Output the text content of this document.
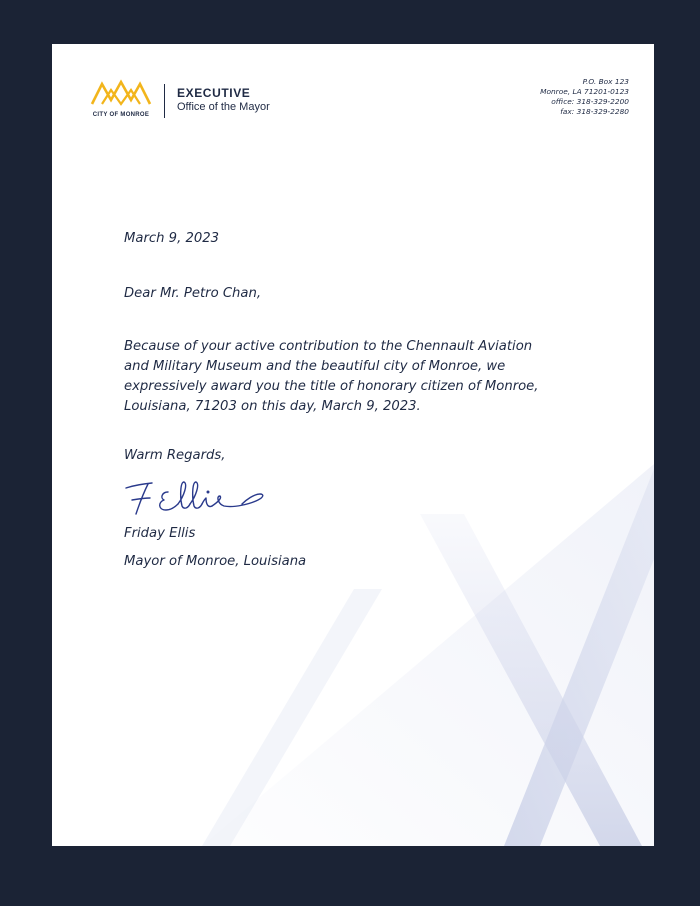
CITY OF MONROE
EXECUTIVE
Office of the Mayor
P.O. Box 123
Monroe, LA 71201-0123
office: 318-329-2200
fax: 318-329-2280
March 9, 2023
Dear Mr. Petro Chan,
Because of your active contribution to the Chennault Aviation
and Military Museum and the beautiful city of Monroe, we
expressively award you the title of honorary citizen of Monroe,
Louisiana, 71203 on this day, March 9, 2023.
Warm Regards,
Friday Ellis
Mayor of Monroe, Louisiana
